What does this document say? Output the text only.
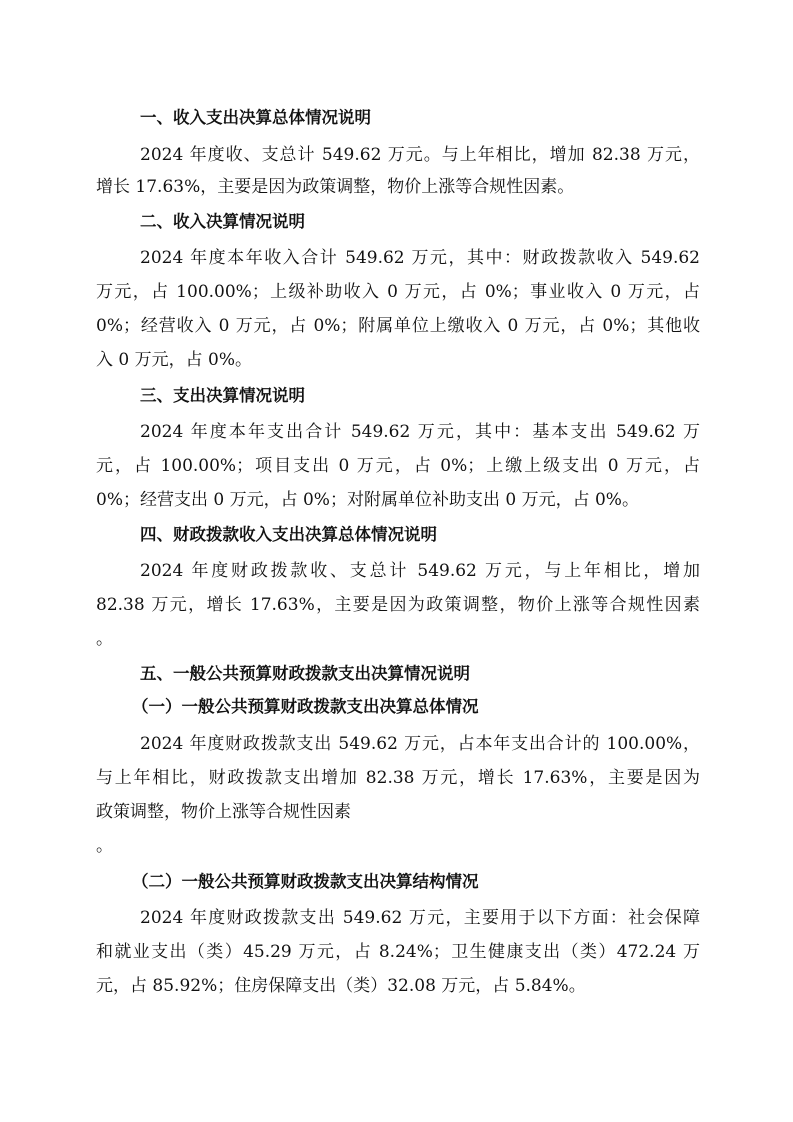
一、收入支出决算总体情况说明
2024 年度收、支总计 549.62 万元。与上年相比，增加 82.38 万元，
增长 17.63%，主要是因为政策调整，物价上涨等合规性因素。
二、收入决算情况说明
2024 年度本年收入合计 549.62 万元，其中：财政拨款收入 549.62
万元，占 100.00%；上级补助收入 0 万元，占 0%；事业收入 0 万元，占
0%；经营收入 0 万元，占 0%；附属单位上缴收入 0 万元，占 0%；其他收
入 0 万元，占 0%。
三、支出决算情况说明
2024 年度本年支出合计 549.62 万元，其中：基本支出 549.62 万
元，占 100.00%；项目支出 0 万元，占 0%；上缴上级支出 0 万元，占
0%；经营支出 0 万元，占 0%；对附属单位补助支出 0 万元，占 0%。
四、财政拨款收入支出决算总体情况说明
2024 年度财政拨款收、支总计 549.62 万元，与上年相比，增加
82.38 万元，增长 17.63%，主要是因为政策调整，物价上涨等合规性因素
。
五、一般公共预算财政拨款支出决算情况说明
（一）一般公共预算财政拨款支出决算总体情况
2024 年度财政拨款支出 549.62 万元，占本年支出合计的 100.00%，
与上年相比，财政拨款支出增加 82.38 万元，增长 17.63%，主要是因为
政策调整，物价上涨等合规性因素
。
（二）一般公共预算财政拨款支出决算结构情况
2024 年度财政拨款支出 549.62 万元，主要用于以下方面：社会保障
和就业支出（类）45.29 万元，占 8.24%；卫生健康支出（类）472.24 万
元，占 85.92%；住房保障支出（类）32.08 万元，占 5.84%。
